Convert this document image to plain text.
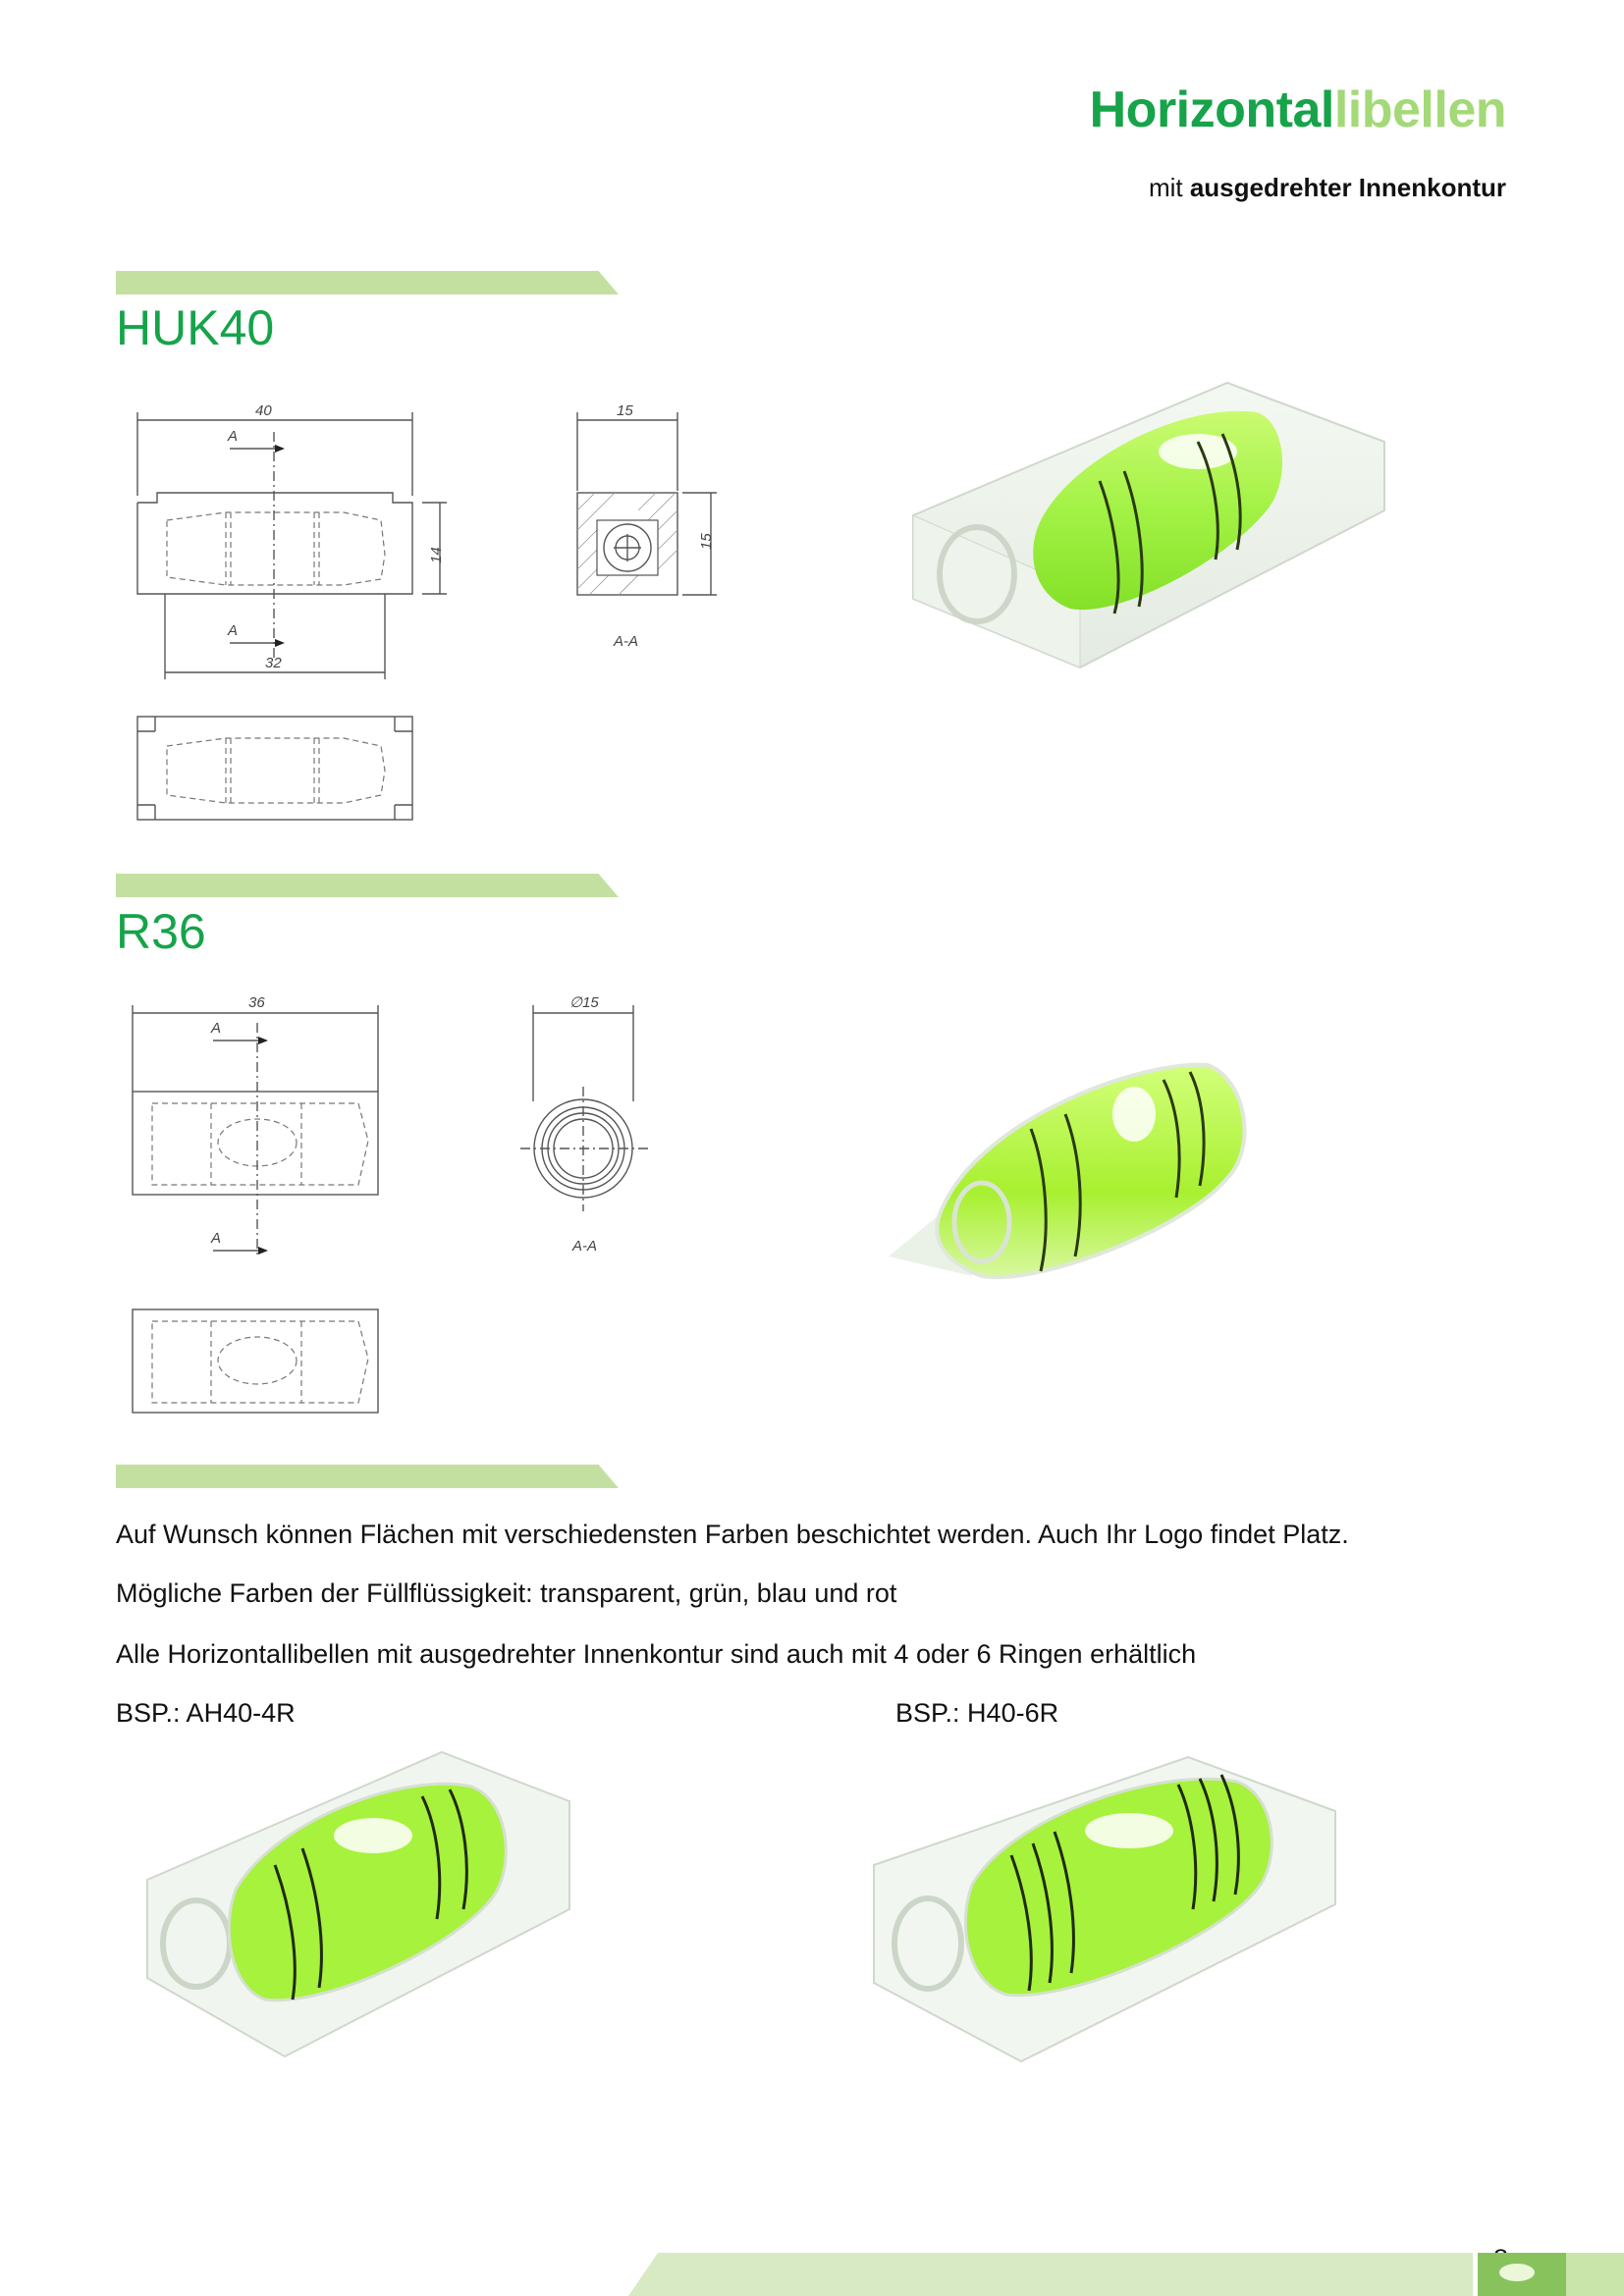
Horizontallibellen
mit ausgedrehter Innenkontur
HUK40
40
A
14
A
32
15
15
A-A
R36
36
A
A
∅15
A-A
Auf Wunsch können Flächen mit verschiedensten Farben beschichtet werden. Auch Ihr Logo findet Platz.
Mögliche Farben der Füllflüssigkeit: transparent, grün, blau und rot
Alle Horizontallibellen mit ausgedrehter Innenkontur sind auch mit 4 oder 6 Ringen erhältlich
BSP.: AH40-4R	BSP.: H40-6R
